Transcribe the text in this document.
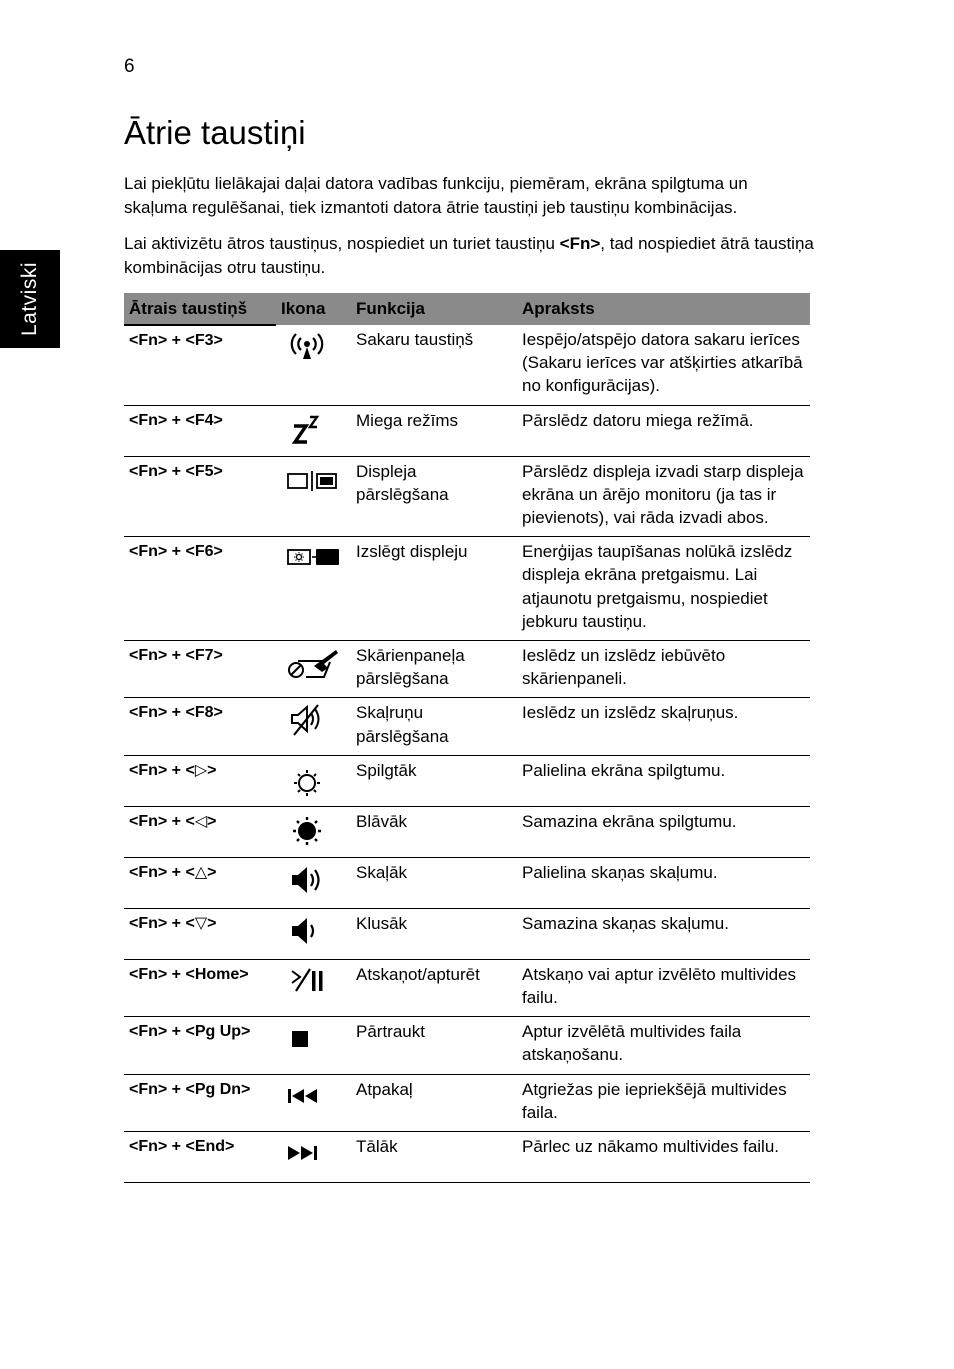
6
Latviski
Ātrie taustiņi

Lai piekļūtu lielākajai daļai datora vadības funkciju, piemēram, ekrāna spilgtuma un skaļuma regulēšanai, tiek izmantoti datora ātrie taustiņi jeb taustiņu kombinācijas.

Lai aktivizētu ātros taustiņus, nospiediet un turiet taustiņu <Fn>, tad nospiediet ātrā taustiņa kombinācijas otru taustiņu.

Ātrais taustiņš	Ikona	Funkcija	Apraksts
<Fn> + <F3>		Sakaru taustiņš	Iespējo/atspējo datora sakaru ierīces (Sakaru ierīces var atšķirties atkarībā no konfigurācijas).
<Fn> + <F4>		Miega režīms	Pārslēdz datoru miega režīmā.
<Fn> + <F5>		Displeja pārslēgšana	Pārslēdz displeja izvadi starp displeja ekrāna un ārējo monitoru (ja tas ir pievienots), vai rāda izvadi abos.
<Fn> + <F6>		Izslēgt displeju	Enerģijas taupīšanas nolūkā izslēdz displeja ekrāna pretgaismu. Lai atjaunotu pretgaismu, nospiediet jebkuru taustiņu.
<Fn> + <F7>		Skārienpaneļa pārslēgšana	Ieslēdz un izslēdz iebūvēto skārienpaneli.
<Fn> + <F8>		Skaļruņu pārslēgšana	Ieslēdz un izslēdz skaļruņus.
<Fn> + <▷>		Spilgtāk	Palielina ekrāna spilgtumu.
<Fn> + <◁>		Blāvāk	Samazina ekrāna spilgtumu.
<Fn> + <△>		Skaļāk	Palielina skaņas skaļumu.
<Fn> + <▽>		Klusāk	Samazina skaņas skaļumu.
<Fn> + <Home>		Atskaņot/apturēt	Atskaņo vai aptur izvēlēto multivides failu.
<Fn> + <Pg Up>		Pārtraukt	Aptur izvēlētā multivides faila atskaņošanu.
<Fn> + <Pg Dn>		Atpakaļ	Atgriežas pie iepriekšējā multivides faila.
<Fn> + <End>		Tālāk	Pārlec uz nākamo multivides failu.
